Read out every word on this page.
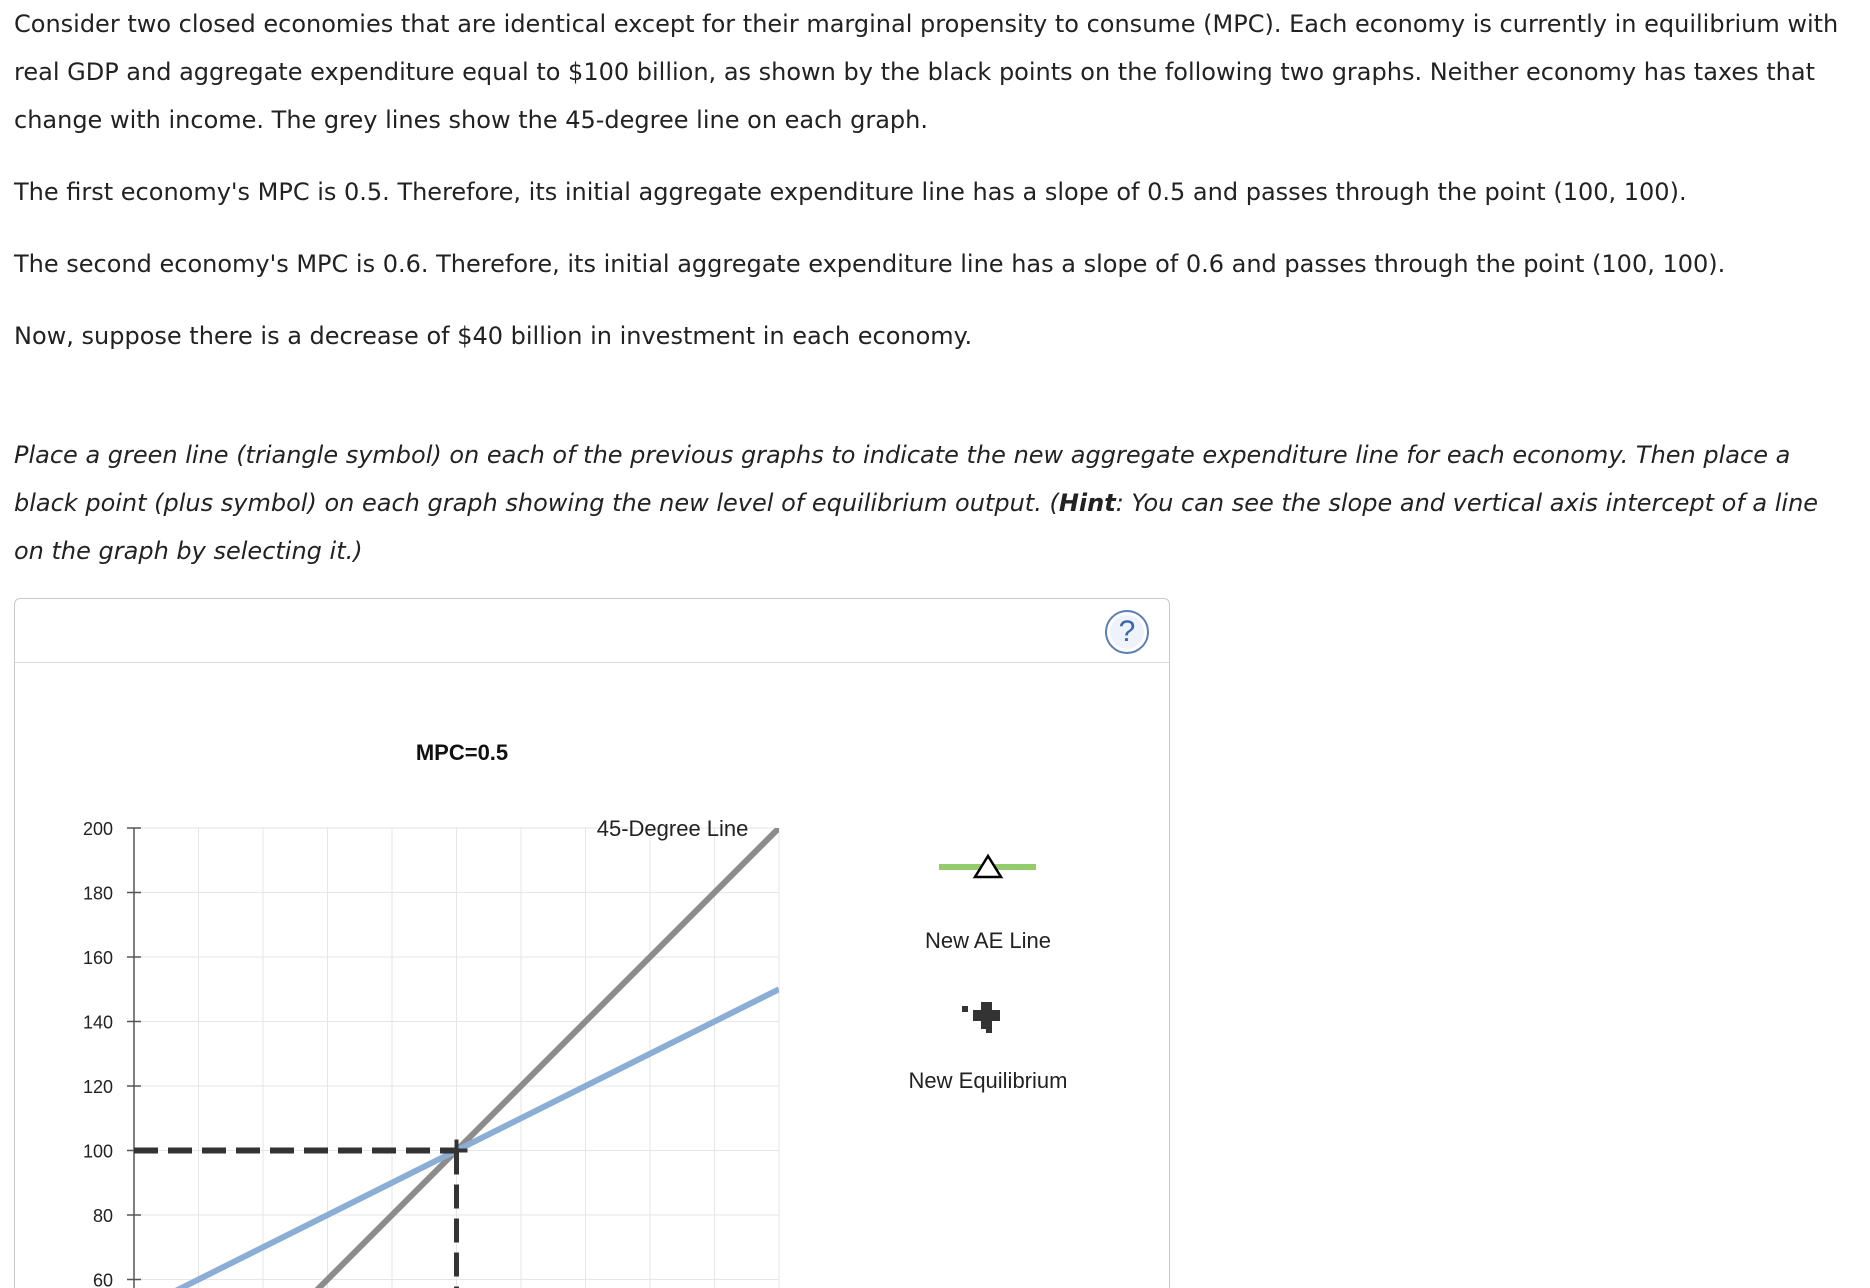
Consider two closed economies that are identical except for their marginal propensity to consume (MPC). Each economy is currently in equilibrium with real GDP and aggregate expenditure equal to $100 billion, as shown by the black points on the following two graphs. Neither economy has taxes that change with income. The grey lines show the 45-degree line on each graph.

The first economy's MPC is 0.5. Therefore, its initial aggregate expenditure line has a slope of 0.5 and passes through the point (100, 100).

The second economy's MPC is 0.6. Therefore, its initial aggregate expenditure line has a slope of 0.6 and passes through the point (100, 100).

Now, suppose there is a decrease of $40 billion in investment in each economy.

Place a green line (triangle symbol) on each of the previous graphs to indicate the new aggregate expenditure line for each economy. Then place a black point (plus symbol) on each graph showing the new level of equilibrium output. (Hint: You can see the slope and vertical axis intercept of a line on the graph by selecting it.)

?
60
80
100
120
140
160
180
200	45-Degree Line
MPC=0.5
New AE Line
New Equilibrium
